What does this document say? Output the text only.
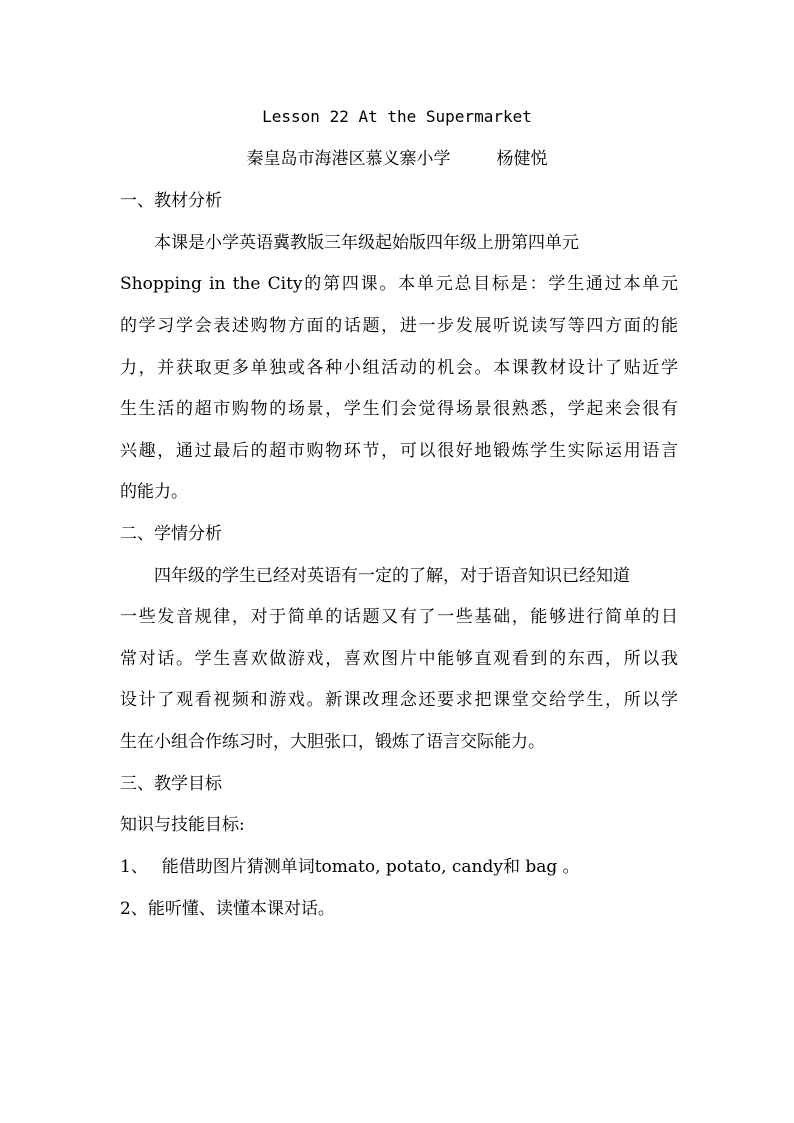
Lesson 22 At the Supermarket
秦皇岛市海港区慕义寨小学	杨健悦
一、教材分析
本课是小学英语冀教版三年级起始版四年级上册第四单元
Shopping in the City的第四课。本单元总目标是：学生通过本单元
的学习学会表述购物方面的话题，进一步发展听说读写等四方面的能
力，并获取更多单独或各种小组活动的机会。本课教材设计了贴近学
生生活的超市购物的场景，学生们会觉得场景很熟悉，学起来会很有
兴趣，通过最后的超市购物环节，可以很好地锻炼学生实际运用语言
的能力。
二、学情分析
四年级的学生已经对英语有一定的了解，对于语音知识已经知道
一些发音规律，对于简单的话题又有了一些基础，能够进行简单的日
常对话。学生喜欢做游戏，喜欢图片中能够直观看到的东西，所以我
设计了观看视频和游戏。新课改理念还要求把课堂交给学生，所以学
生在小组合作练习时，大胆张口，锻炼了语言交际能力。
三、教学目标
知识与技能目标:
1、　 能借助图片猜测单词tomato, potato, candy和 bag 。
2、能听懂、读懂本课对话。
